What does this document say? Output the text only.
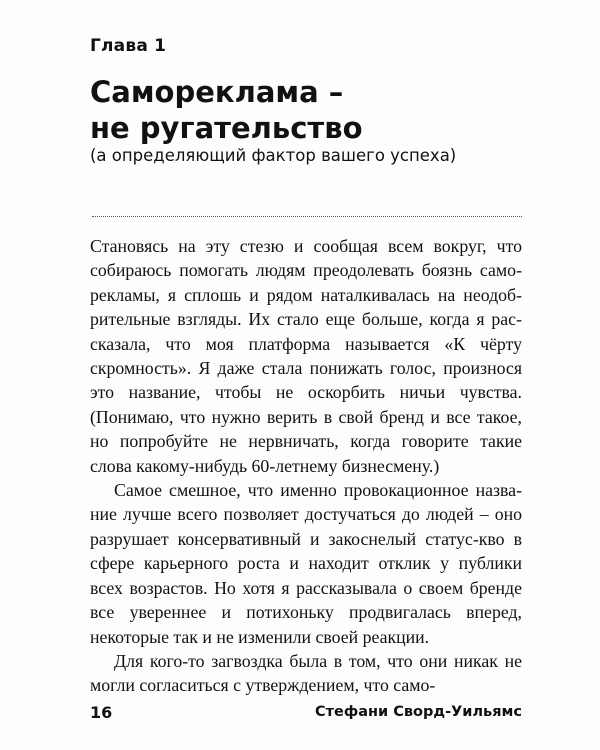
Глава 1
Самореклама –
не ругательство
(а определяющий фактор вашего успеха)

Становясь на эту стезю и сообщая всем вокруг, что собираюсь помогать людям преодолевать боязнь саморекламы, я сплошь и рядом наталкивалась на неодобрительные взгляды. Их стало еще больше, когда я рассказала, что моя платформа называется «К чёрту скромность». Я даже стала понижать голос, произнося это название, чтобы не оскорбить ничьи чувства. (Понимаю, что нужно верить в свой бренд и все такое, но попробуйте не нервничать, когда говорите такие слова какому-нибудь 60-летнему бизнесмену.)

Самое смешное, что именно провокационное название лучше всего позволяет достучаться до людей – оно разрушает консервативный и закоснелый статус-кво в сфере карьерного роста и находит отклик у публики всех возрастов. Но хотя я рассказывала о своем бренде все увереннее и потихоньку продвигалась вперед, некоторые так и не изменили своей реакции.

Для кого-то загвоздка была в том, что они никак не могли согласиться с утверждением, что само-

16	Стефани Сворд-Уильямс
